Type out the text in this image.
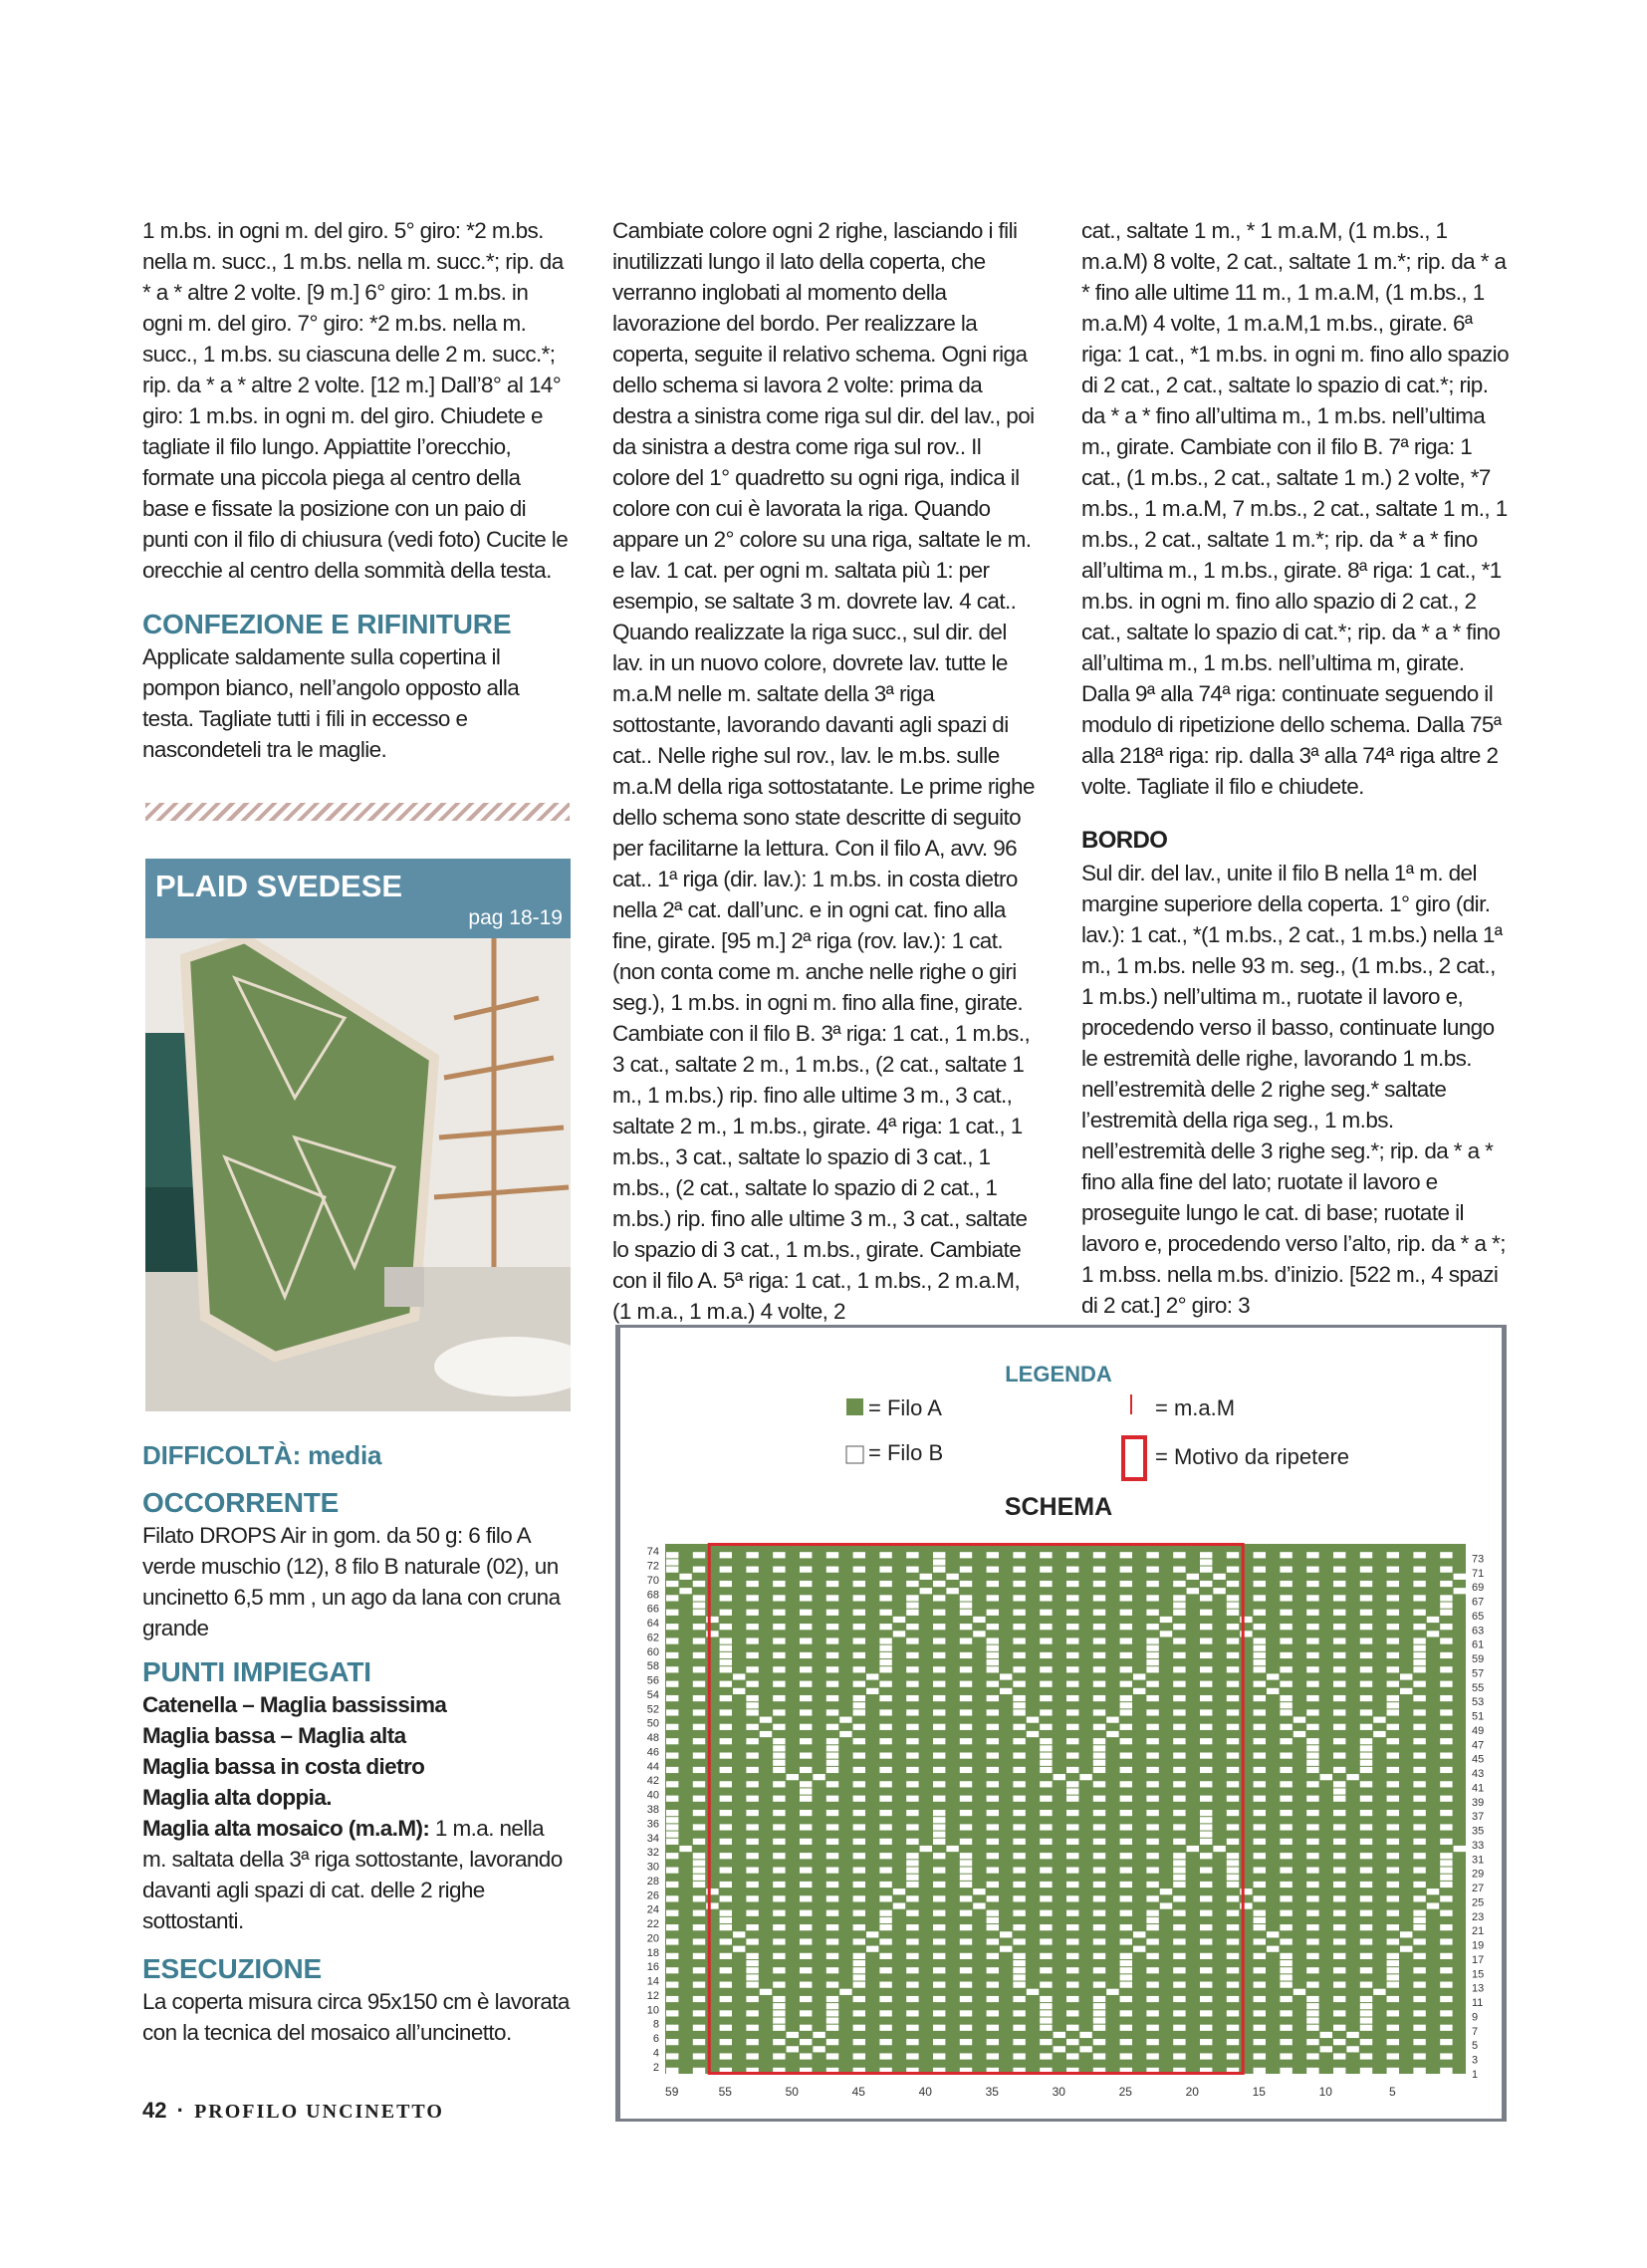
1 m.bs. in ogni m. del giro. 5° giro: *2 m.bs. nella m. succ., 1 m.bs. nella m. succ.*; rip. da * a * altre 2 volte. [9 m.] 6° giro: 1 m.bs. in ogni m. del giro. 7° giro: *2 m.bs. nella m. succ., 1 m.bs. su ciascuna delle 2 m. succ.*; rip. da * a * altre 2 volte. [12 m.] Dall’8° al 14° giro: 1 m.bs. in ogni m. del giro. Chiudete e tagliate il filo lungo. Appiattite l’orecchio, formate una piccola piega al centro della base e fissate la posizione con un paio di punti con il filo di chiusura (vedi foto) Cucite le orecchie al centro della sommità della testa.

CONFEZIONE E RIFINITURE

Applicate saldamente sulla copertina il pompon bianco, nell’angolo opposto alla testa. Tagliate tutti i fili in eccesso e nascondeteli tra le maglie.

PLAID SVEDESE
pag 18-19

DIFFICOLTÀ: media

OCCORRENTE

Filato DROPS Air in gom. da 50 g: 6 filo A verde muschio (12), 8 filo B naturale (02), un uncinetto 6,5 mm , un ago da lana con cruna grande

PUNTI IMPIEGATI

Catenella – Maglia bassissima

Maglia bassa – Maglia alta

Maglia bassa in costa dietro

Maglia alta doppia.

Maglia alta mosaico (m.a.M): 1 m.a. nella m. saltata della 3ª riga sottostante, lavorando davanti agli spazi di cat. delle 2 righe sottostanti.

ESECUZIONE

La coperta misura circa 95x150 cm è lavorata con la tecnica del mosaico all’uncinetto.

Cambiate colore ogni 2 righe, lasciando i fili inutilizzati lungo il lato della coperta, che verranno inglobati al momento della lavorazione del bordo. Per realizzare la coperta, seguite il relativo schema. Ogni riga dello schema si lavora 2 volte: prima da destra a sinistra come riga sul dir. del lav., poi da sinistra a destra come riga sul rov.. Il colore del 1° quadretto su ogni riga, indica il colore con cui è lavorata la riga. Quando appare un 2° colore su una riga, saltate le m. e lav. 1 cat. per ogni m. saltata più 1: per esempio, se saltate 3 m. dovrete lav. 4 cat.. Quando realizzate la riga succ., sul dir. del lav. in un nuovo colore, dovrete lav. tutte le m.a.M nelle m. saltate della 3ª riga sottostante, lavorando davanti agli spazi di cat.. Nelle righe sul rov., lav. le m.bs. sulle m.a.M della riga sottostatante. Le prime righe dello schema sono state descritte di seguito per facilitarne la lettura. Con il filo A, avv. 96 cat.. 1ª riga (dir. lav.): 1 m.bs. in costa dietro nella 2ª cat. dall’unc. e in ogni cat. fino alla fine, girate. [95 m.] 2ª riga (rov. lav.): 1 cat. (non conta come m. anche nelle righe o giri seg.), 1 m.bs. in ogni m. fino alla fine, girate. Cambiate con il filo B. 3ª riga: 1 cat., 1 m.bs., 3 cat., saltate 2 m., 1 m.bs., (2 cat., saltate 1 m., 1 m.bs.) rip. fino alle ultime 3 m., 3 cat., saltate 2 m., 1 m.bs., girate. 4ª riga: 1 cat., 1 m.bs., 3 cat., saltate lo spazio di 3 cat., 1 m.bs., (2 cat., saltate lo spazio di 2 cat., 1 m.bs.) rip. fino alle ultime 3 m., 3 cat., saltate lo spazio di 3 cat., 1 m.bs., girate. Cambiate con il filo A. 5ª riga: 1 cat., 1 m.bs., 2 m.a.M, (1 m.a., 1 m.a.) 4 volte, 2

cat., saltate 1 m., * 1 m.a.M, (1 m.bs., 1 m.a.M) 8 volte, 2 cat., saltate 1 m.*; rip. da * a * fino alle ultime 11 m., 1 m.a.M, (1 m.bs., 1 m.a.M) 4 volte, 1 m.a.M,1 m.bs., girate. 6ª riga: 1 cat., *1 m.bs. in ogni m. fino allo spazio di 2 cat., 2 cat., saltate lo spazio di cat.*; rip. da * a * fino all’ultima m., 1 m.bs. nell’ultima m., girate. Cambiate con il filo B. 7ª riga: 1 cat., (1 m.bs., 2 cat., saltate 1 m.) 2 volte, *7 m.bs., 1 m.a.M, 7 m.bs., 2 cat., saltate 1 m., 1 m.bs., 2 cat., saltate 1 m.*; rip. da * a * fino all’ultima m., 1 m.bs., girate. 8ª riga: 1 cat., *1 m.bs. in ogni m. fino allo spazio di 2 cat., 2 cat., saltate lo spazio di cat.*; rip. da * a * fino all’ultima m., 1 m.bs. nell’ultima m, girate. Dalla 9ª alla 74ª riga: continuate seguendo il modulo di ripetizione dello schema. Dalla 75ª alla 218ª riga: rip. dalla 3ª alla 74ª riga altre 2 volte. Tagliate il filo e chiudete.

BORDO

Sul dir. del lav., unite il filo B nella 1ª m. del margine superiore della coperta. 1° giro (dir. lav.): 1 cat., *(1 m.bs., 2 cat., 1 m.bs.) nella 1ª m., 1 m.bs. nelle 93 m. seg., (1 m.bs., 2 cat., 1 m.bs.) nell’ultima m., ruotate il lavoro e, procedendo verso il basso, continuate lungo le estremità delle righe, lavorando 1 m.bs. nell’estremità delle 2 righe seg.* saltate l’estremità della riga seg., 1 m.bs. nell’estremità delle 3 righe seg.*; rip. da * a * fino alla fine del lato; ruotate il lavoro e proseguite lungo le cat. di base; ruotate il lavoro e, procedendo verso l’alto, rip. da * a *; 1 m.bss. nella m.bs. d’inizio. [522 m., 4 spazi di 2 cat.] 2° giro: 3

LEGENDA
= Filo A
= Filo B
= m.a.M
= Motivo da ripetere
SCHEMA
74
72
70
68
66
64
62
60
58
56
54
52
50
48
46
44
42
40
38
36
34
32
30
28
26
24
22
20
18
16
14
12
10
8
6
4
2
73
71
69
67
65
63
61
59
57
55
53
51
49
47
45
43
41
39
37
35
33
31
29
27
25
23
21
19
17
15
13
11
9
7
5
3
1
59	55	50	45	40	35	30	25	20	15	10	5
42 · PROFILO UNCINETTO
